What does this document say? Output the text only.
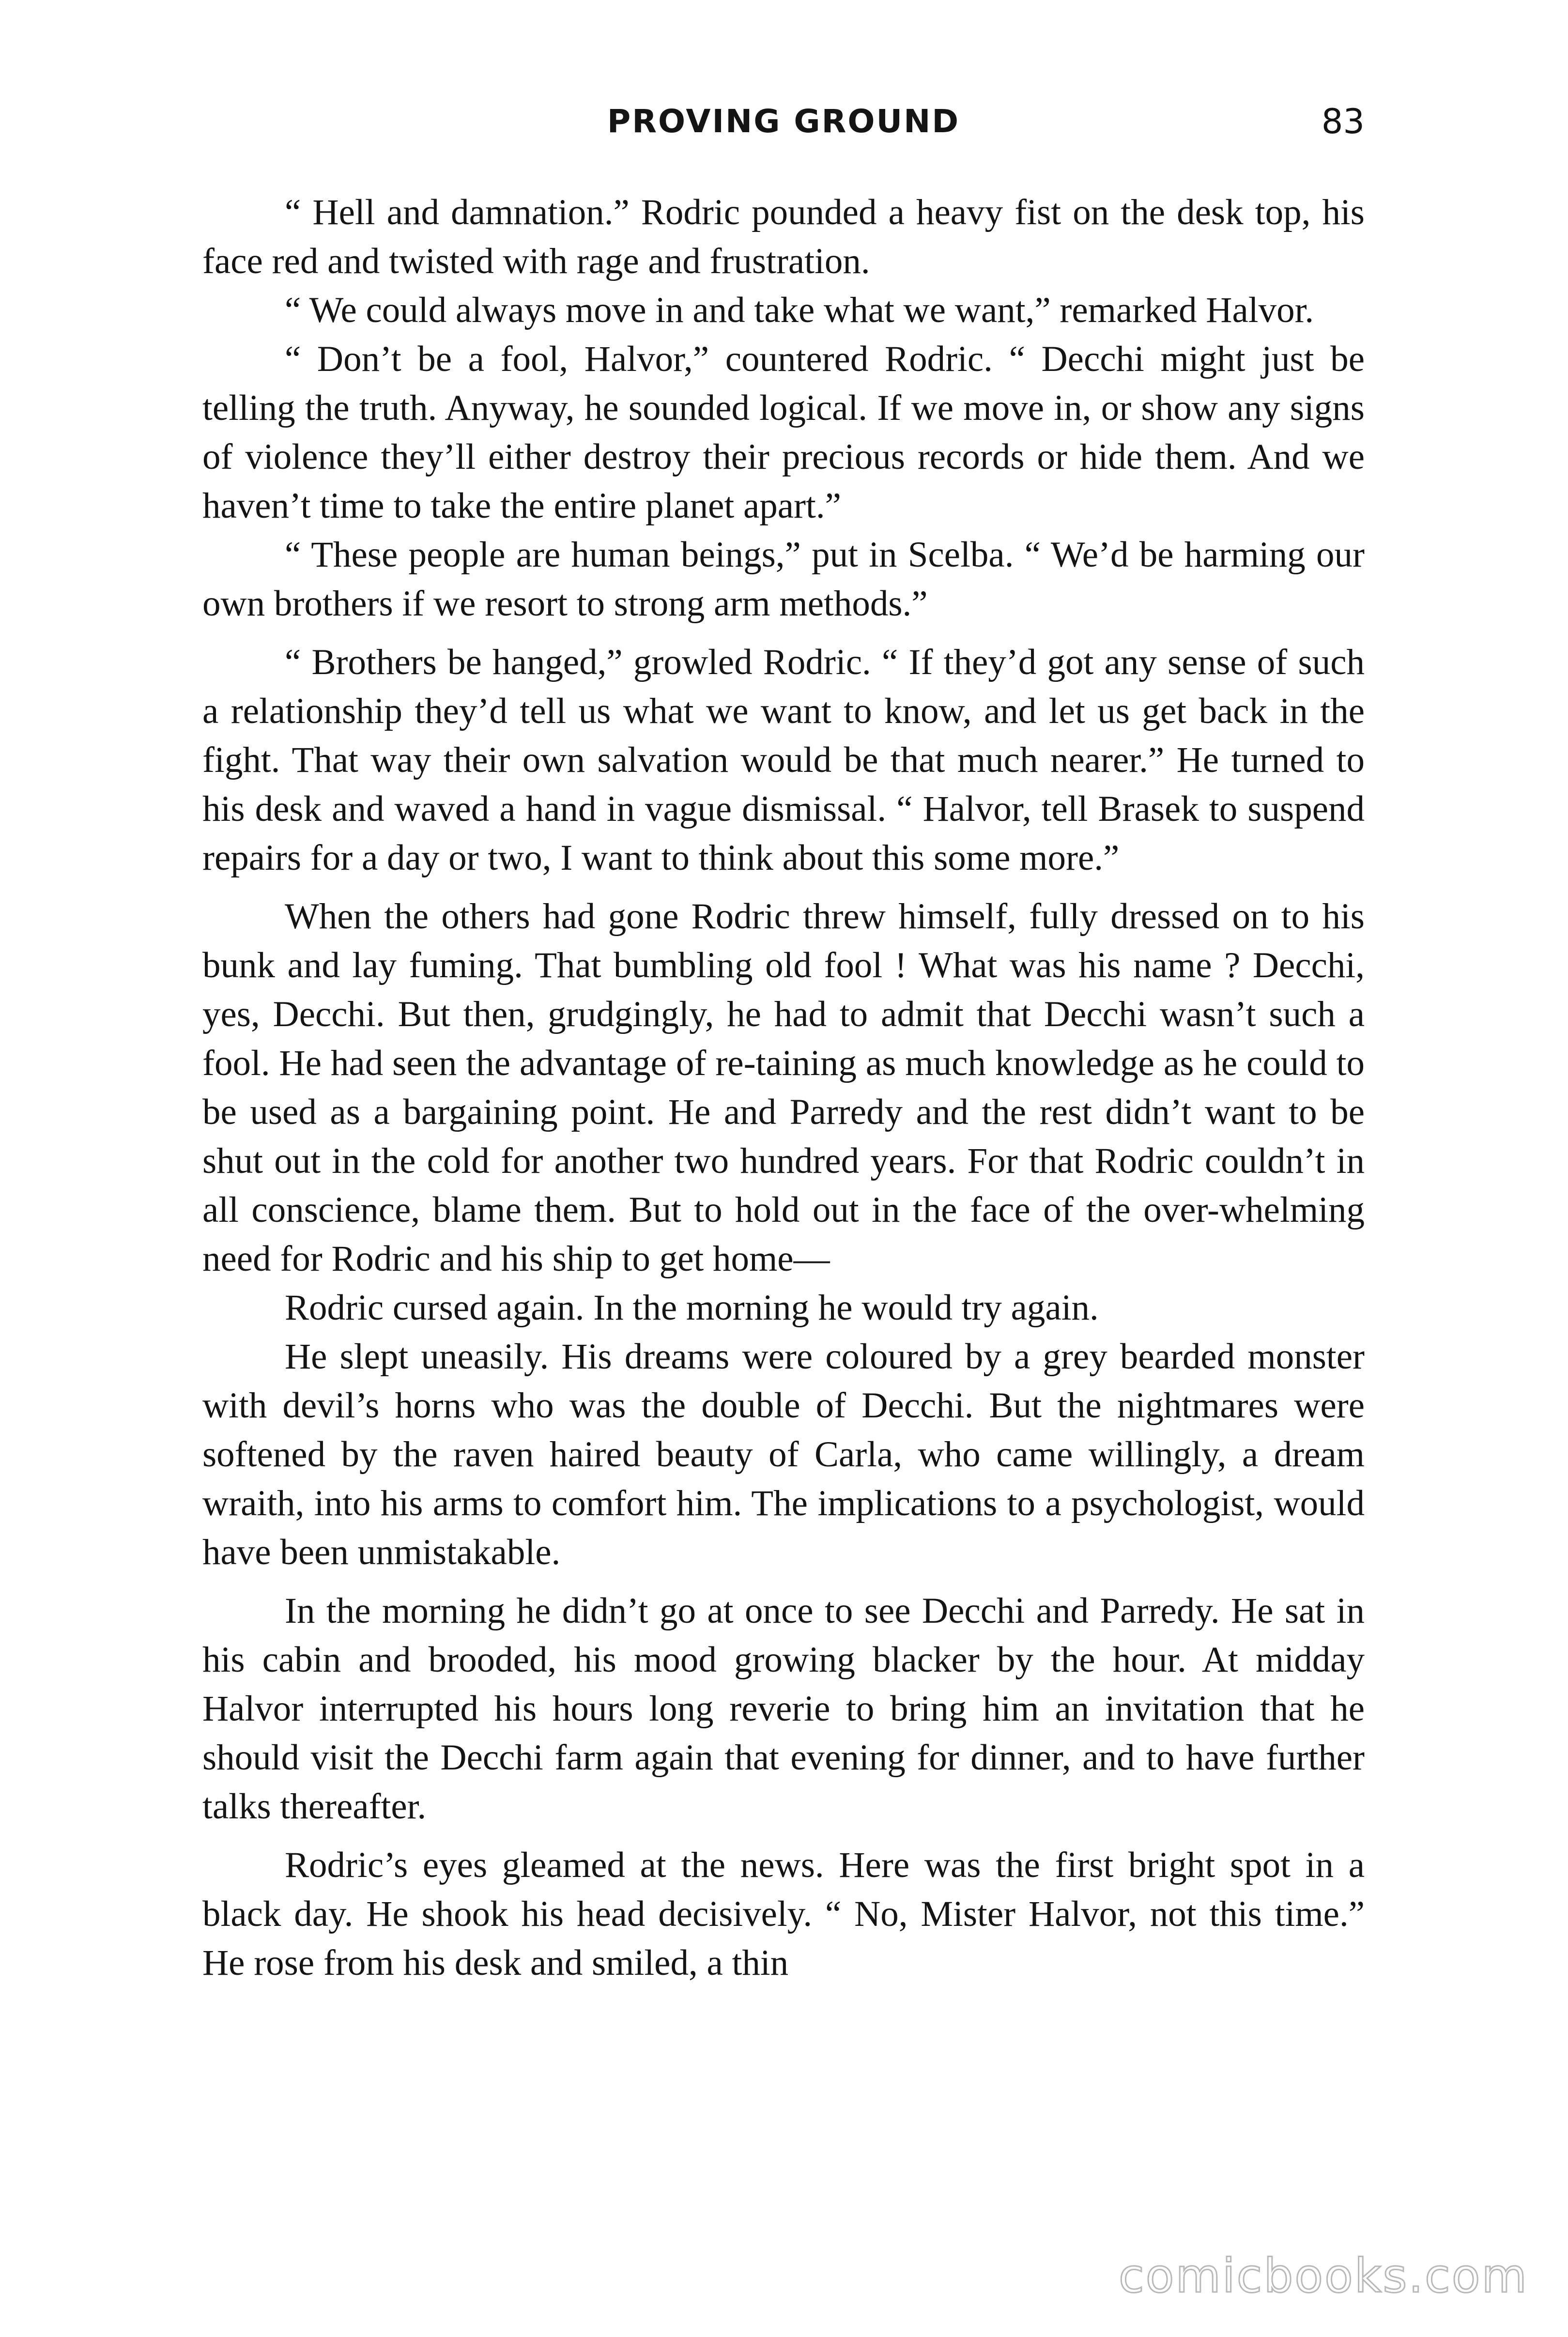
PROVING GROUND	83

“ Hell and damnation.” Rodric pounded a heavy fist on the desk top, his face red and twisted with rage and frustration.

“ We could always move in and take what we want,” remarked Halvor.

“ Don’t be a fool, Halvor,” countered Rodric. “ Decchi might just be telling the truth. Anyway, he sounded logical. If we move in, or show any signs of violence they’ll either destroy their precious records or hide them. And we haven’t time to take the entire planet apart.”

“ These people are human beings,” put in Scelba. “ We’d be harming our own brothers if we resort to strong arm methods.”

“ Brothers be hanged,” growled Rodric. “ If they’d got any sense of such a relationship they’d tell us what we want to know, and let us get back in the fight. That way their own salvation would be that much nearer.” He turned to his desk and waved a hand in vague dismissal. “ Halvor, tell Brasek to suspend repairs for a day or two, I want to think about this some more.”

When the others had gone Rodric threw himself, fully dressed on to his bunk and lay fuming. That bumbling old fool ! What was his name ? Decchi, yes, Decchi. But then, grudgingly, he had to admit that Decchi wasn’t such a fool. He had seen the advantage of re-taining as much knowledge as he could to be used as a bargaining point. He and Parredy and the rest didn’t want to be shut out in the cold for another two hundred years. For that Rodric couldn’t in all conscience, blame them. But to hold out in the face of the over-whelming need for Rodric and his ship to get home—

Rodric cursed again. In the morning he would try again.

He slept uneasily. His dreams were coloured by a grey bearded monster with devil’s horns who was the double of Decchi. But the nightmares were softened by the raven haired beauty of Carla, who came willingly, a dream wraith, into his arms to comfort him. The implications to a psychologist, would have been unmistakable.

In the morning he didn’t go at once to see Decchi and Parredy. He sat in his cabin and brooded, his mood growing blacker by the hour. At midday Halvor interrupted his hours long reverie to bring him an invitation that he should visit the Decchi farm again that evening for dinner, and to have further talks thereafter.

Rodric’s eyes gleamed at the news. Here was the first bright spot in a black day. He shook his head decisively. “ No, Mister Halvor, not this time.” He rose from his desk and smiled, a thin

comicbooks.com
